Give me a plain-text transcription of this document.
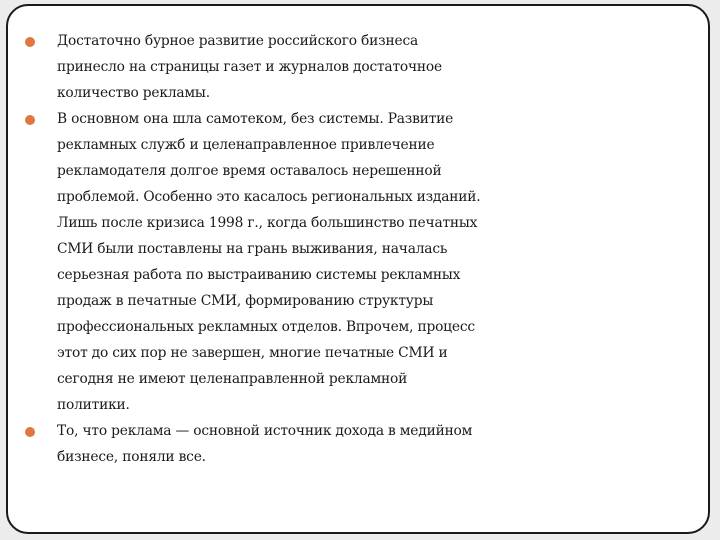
Достаточно бурное развитие российского бизнеса
принесло на страницы газет и журналов достаточное
количество рекламы.
В основном она шла самотеком, без системы. Развитие
рекламных служб и целенаправленное привлечение
рекламодателя долгое время оставалось нерешенной
проблемой. Особенно это касалось региональных изданий.
Лишь после кризиса 1998 г., когда большинство печатных
СМИ были поставлены на грань выживания, началась
серьезная работа по выстраиванию системы рекламных
продаж в печатные СМИ, формированию структуры
профессиональных рекламных отделов. Впрочем, процесс
этот до сих пор не завершен, многие печатные СМИ и
сегодня не имеют целенаправленной рекламной
политики.
То, что реклама — основной источник дохода в медийном
бизнесе, поняли все.
